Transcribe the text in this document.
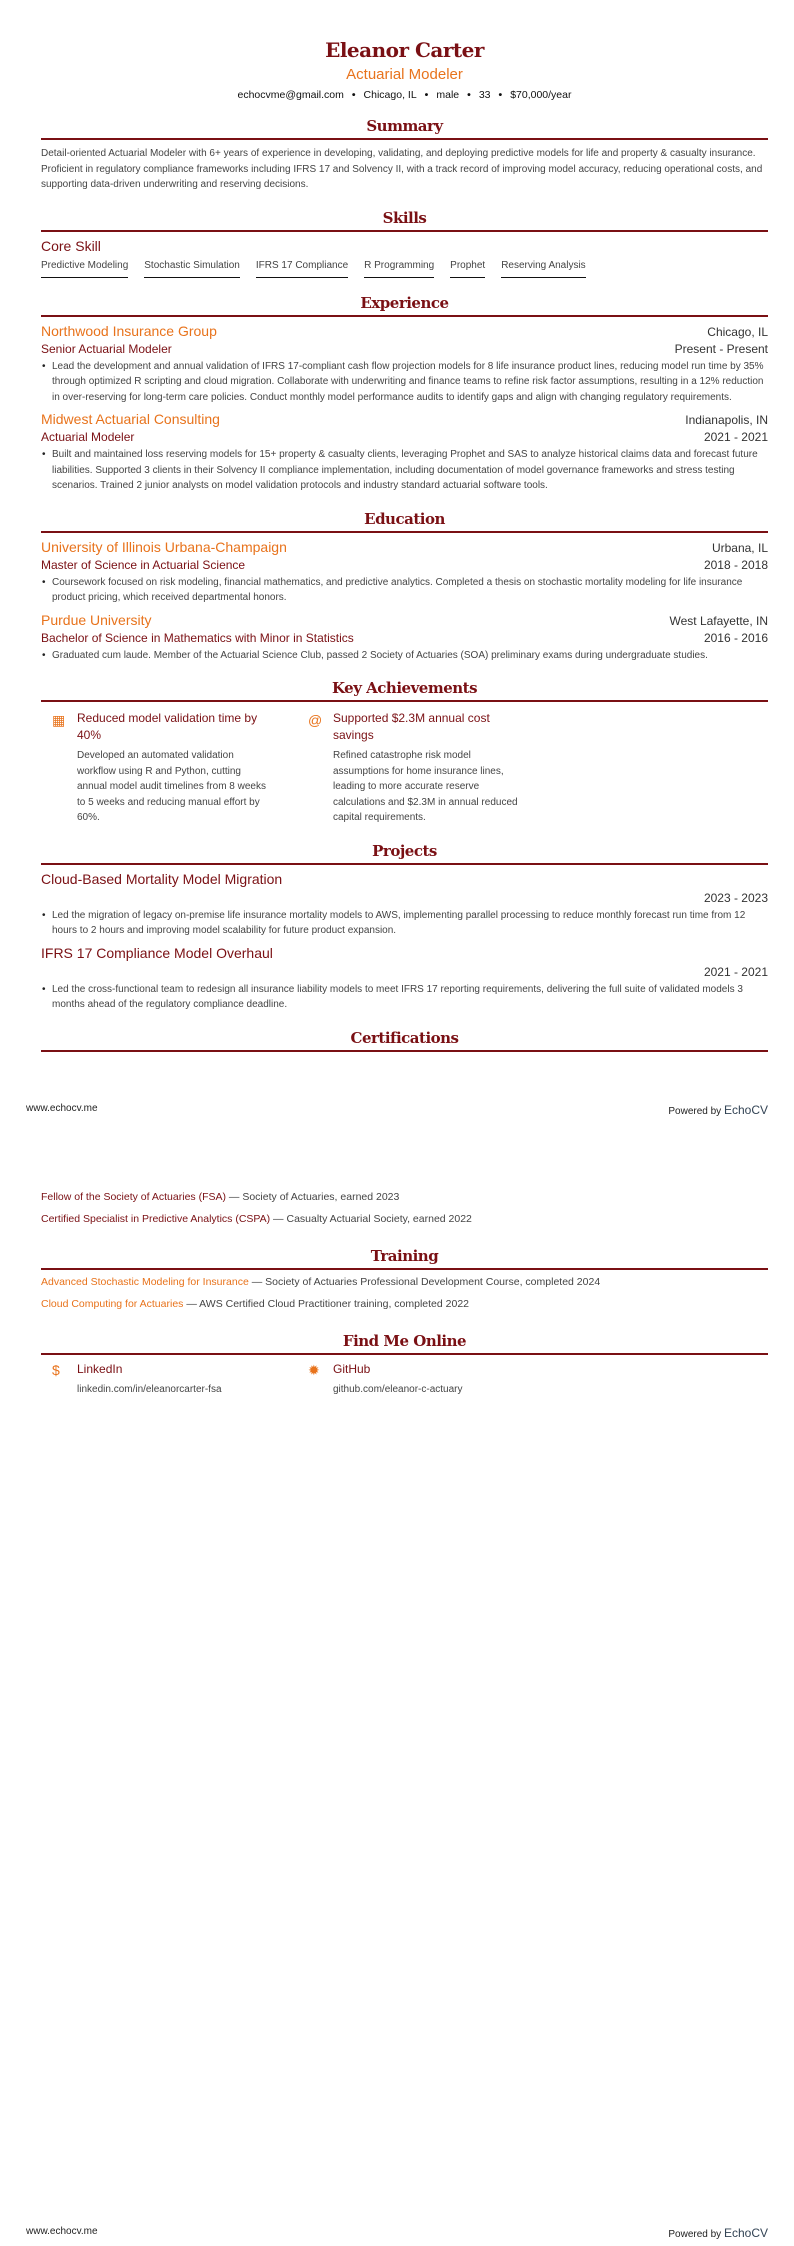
Eleanor Carter
Actuarial Modeler
echocvme@gmail.com • Chicago, IL • male • 33 • $70,000/year
Summary

Detail-oriented Actuarial Modeler with 6+ years of experience in developing, validating, and deploying predictive models for life and property & casualty insurance. Proficient in regulatory compliance frameworks including IFRS 17 and Solvency II, with a track record of improving model accuracy, reducing operational costs, and supporting data-driven underwriting and reserving decisions.

Skills
Core Skill
Predictive Modeling Stochastic Simulation IFRS 17 Compliance R Programming Prophet Reserving Analysis
Experience
Northwood Insurance Group	Chicago, IL
Senior Actuarial Modeler	Present - Present
• Lead the development and annual validation of IFRS 17-compliant cash flow projection models for 8 life insurance product lines, reducing model run time by 35% through optimized R scripting and cloud migration. Collaborate with underwriting and finance teams to refine risk factor assumptions, resulting in a 12% reduction in over-reserving for long-term care policies. Conduct monthly model performance audits to identify gaps and align with changing regulatory requirements.
Midwest Actuarial Consulting	Indianapolis, IN
Actuarial Modeler	2021 - 2021
• Built and maintained loss reserving models for 15+ property & casualty clients, leveraging Prophet and SAS to analyze historical claims data and forecast future liabilities. Supported 3 clients in their Solvency II compliance implementation, including documentation of model governance frameworks and stress testing scenarios. Trained 2 junior analysts on model validation protocols and industry standard actuarial software tools.
Education
University of Illinois Urbana-Champaign	Urbana, IL
Master of Science in Actuarial Science	2018 - 2018
• Coursework focused on risk modeling, financial mathematics, and predictive analytics. Completed a thesis on stochastic mortality modeling for life insurance product pricing, which received departmental honors.
Purdue University	West Lafayette, IN
Bachelor of Science in Mathematics with Minor in Statistics	2016 - 2016
• Graduated cum laude. Member of the Actuarial Science Club, passed 2 Society of Actuaries (SOA) preliminary exams during undergraduate studies.
Key Achievements
▦ Reduced model validation time by 40%
Developed an automated validation workflow using R and Python, cutting annual model audit timelines from 8 weeks to 5 weeks and reducing manual effort by 60%.
@ Supported $2.3M annual cost savings
Refined catastrophe risk model assumptions for home insurance lines, leading to more accurate reserve calculations and $2.3M in annual reduced capital requirements.
Projects
Cloud-Based Mortality Model Migration
2023 - 2023
• Led the migration of legacy on-premise life insurance mortality models to AWS, implementing parallel processing to reduce monthly forecast run time from 12 hours to 2 hours and improving model scalability for future product expansion.
IFRS 17 Compliance Model Overhaul
2021 - 2021
• Led the cross-functional team to redesign all insurance liability models to meet IFRS 17 reporting requirements, delivering the full suite of validated models 3 months ahead of the regulatory compliance deadline.
Certifications
www.echocv.me	Powered by EchoCV
Fellow of the Society of Actuaries (FSA) — Society of Actuaries, earned 2023
Certified Specialist in Predictive Analytics (CSPA) — Casualty Actuarial Society, earned 2022
Training
Advanced Stochastic Modeling for Insurance — Society of Actuaries Professional Development Course, completed 2024
Cloud Computing for Actuaries — AWS Certified Cloud Practitioner training, completed 2022
Find Me Online
$	LinkedIn
linkedin.com/in/eleanorcarter-fsa
✹	GitHub
github.com/eleanor-c-actuary
www.echocv.me	Powered by EchoCV
